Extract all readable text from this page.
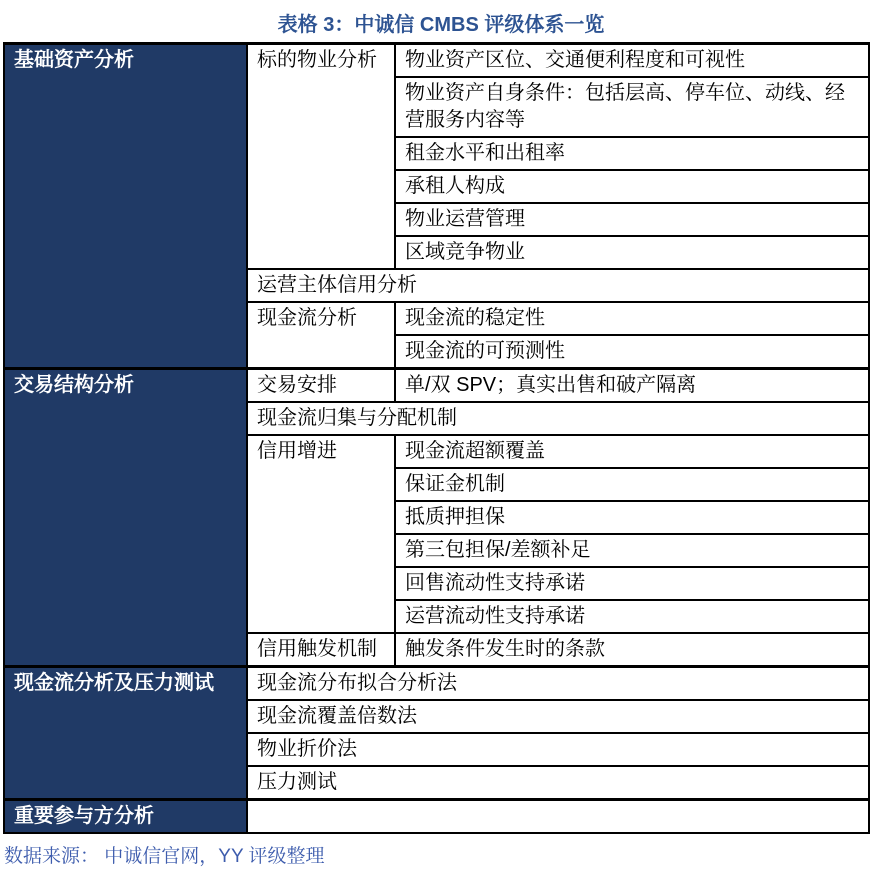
表格 3：中诚信 CMBS 评级体系一览
基础资产分析	标的物业分析	物业资产区位、交通便利程度和可视性
		物业资产自身条件：包括层高、停车位、动线、经营服务内容等
		租金水平和出租率
		承租人构成
		物业运营管理
		区域竞争物业
	运营主体信用分析	
	现金流分析	现金流的稳定性
		现金流的可预测性
交易结构分析	交易安排	单/双 SPV；真实出售和破产隔离
	现金流归集与分配机制	
	信用增进	现金流超额覆盖
		保证金机制
		抵质押担保
		第三包担保/差额补足
		回售流动性支持承诺
		运营流动性支持承诺
	信用触发机制	触发条件发生时的条款
现金流分析及压力测试	现金流分布拟合分析法	
	现金流覆盖倍数法	
	物业折价法	
	压力测试	
重要参与方分析		
数据来源： 中诚信官网，YY 评级整理
